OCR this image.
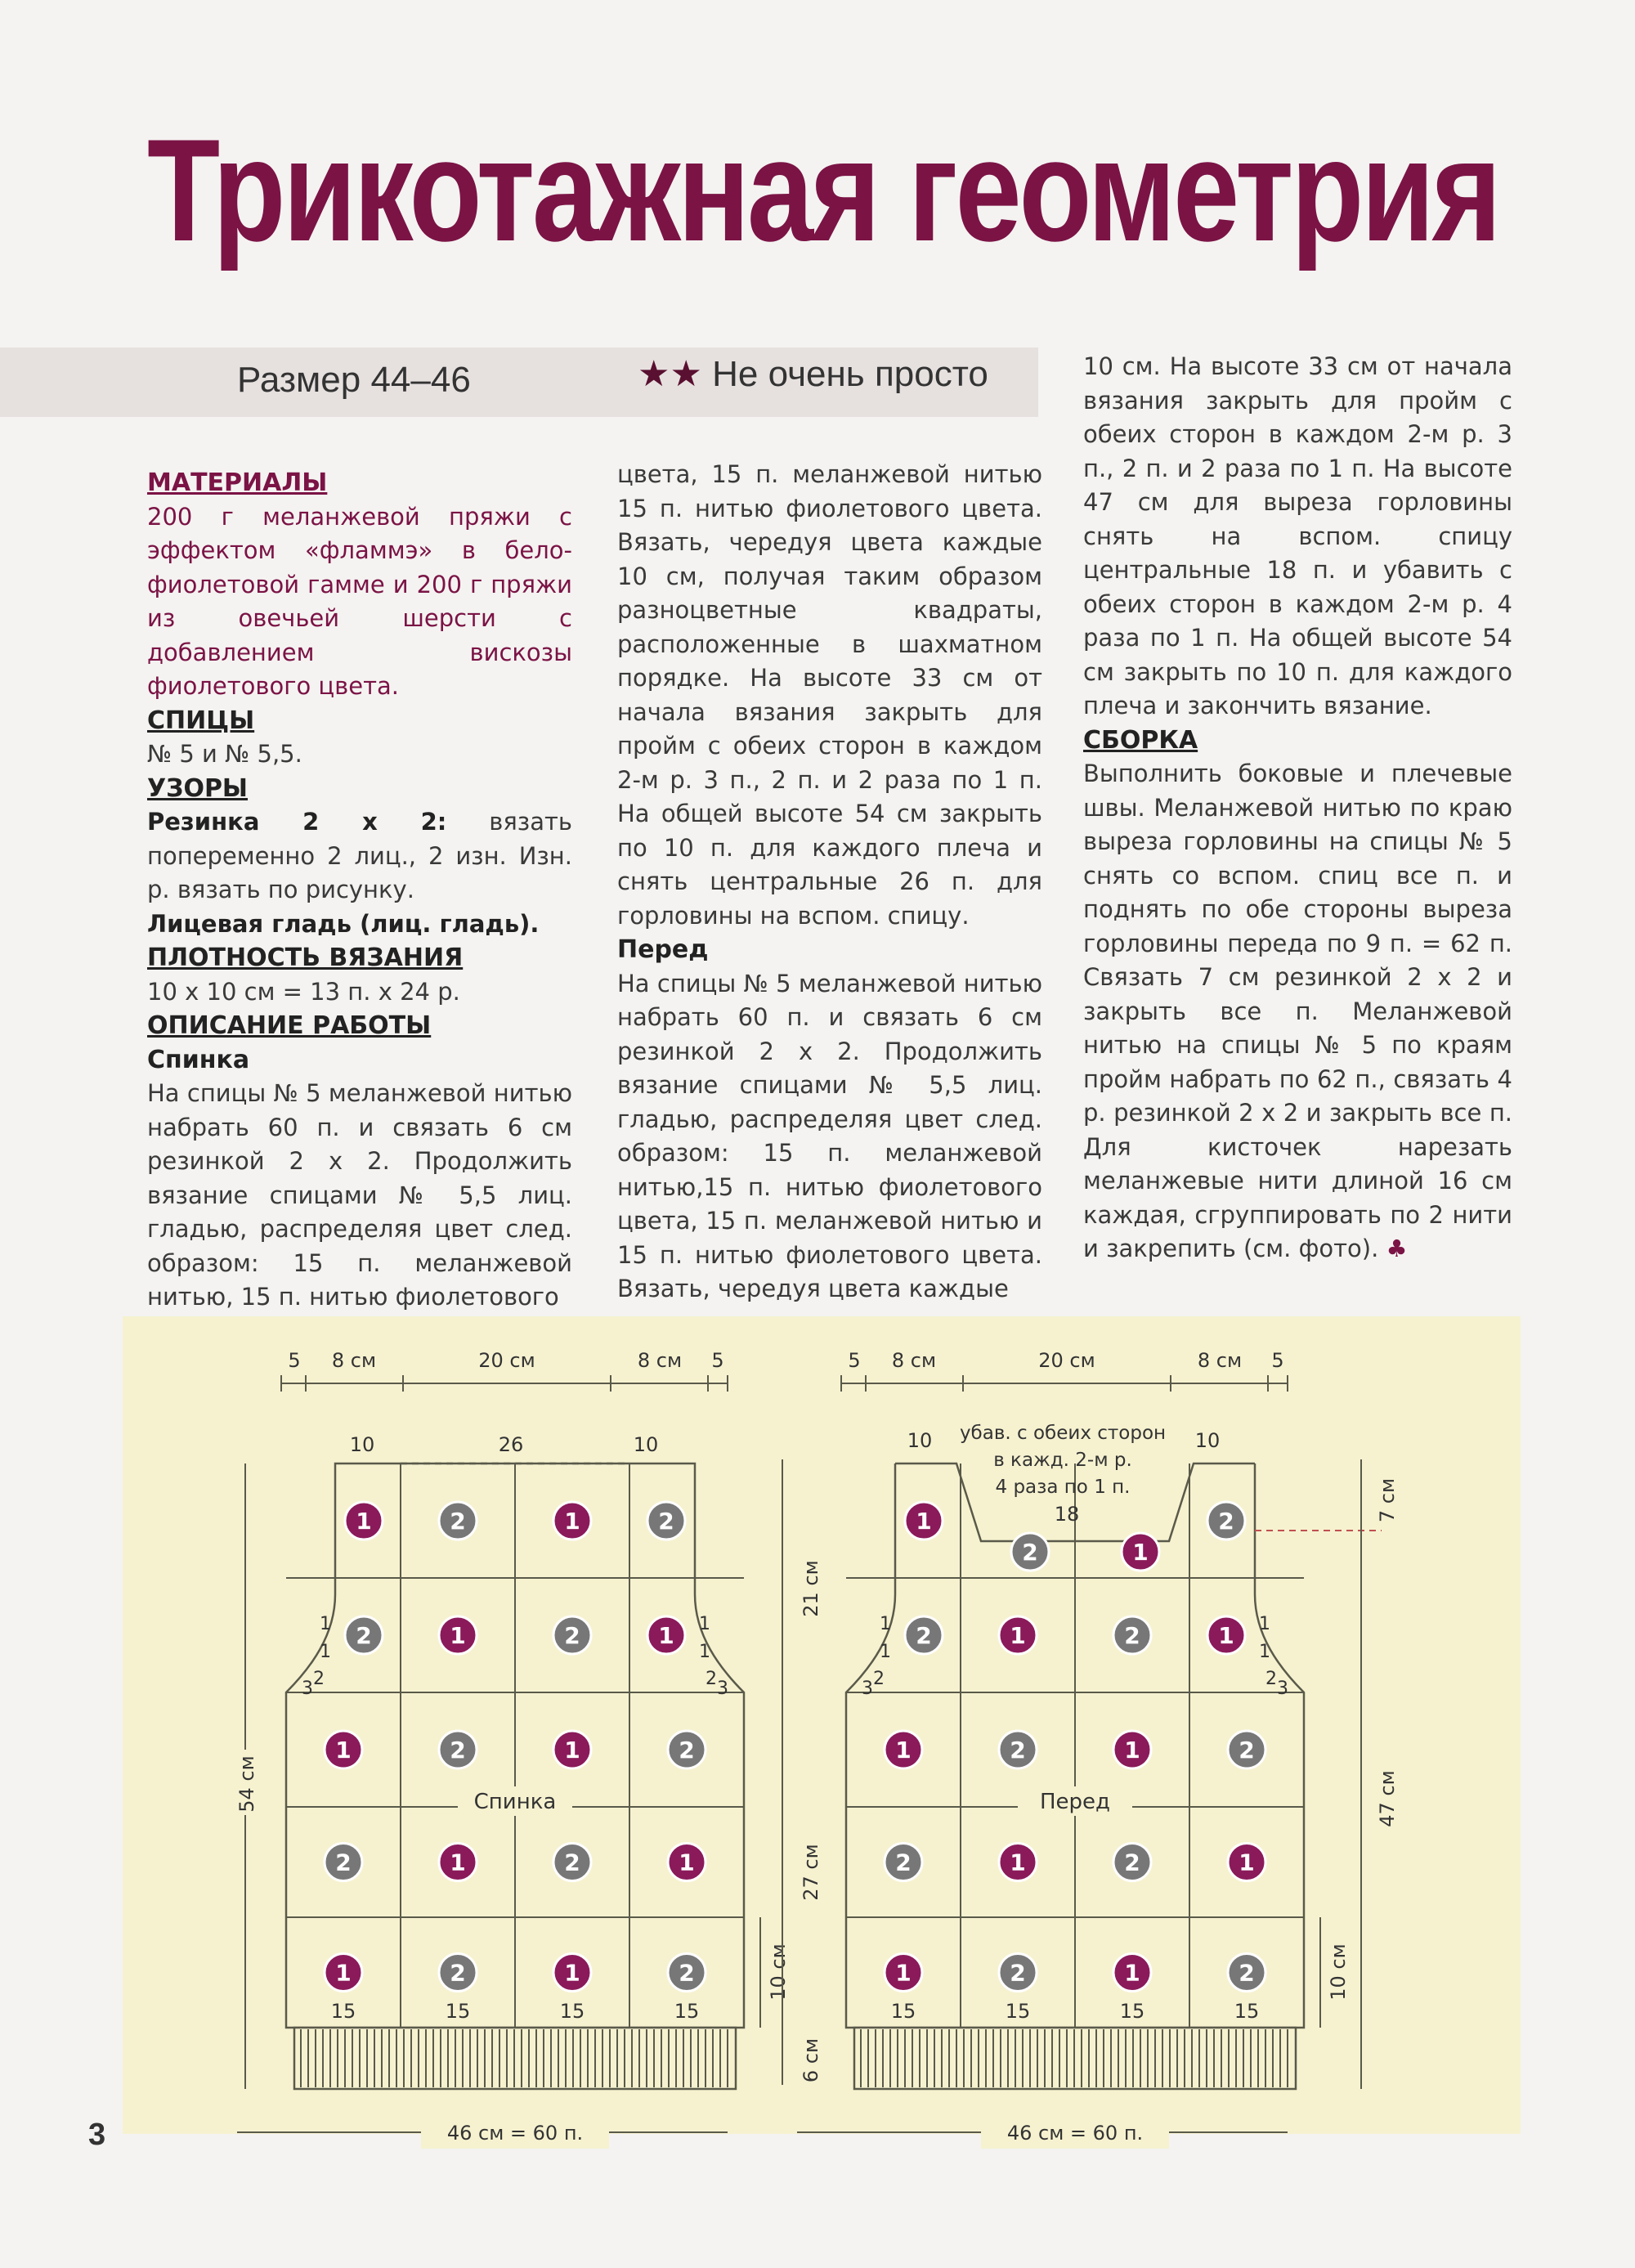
Трикотажная геометрия
Размер 44–46	★★ Не очень просто
МАТЕРИАЛЫ

200 г меланжевой пряжи с эффектом «фламмэ» в бело-фиолетовой гамме и 200 г пряжи из овечьей шерсти с добавлением вискозы фиолетового цвета.

СПИЦЫ

№ 5 и № 5,5.

УЗОРЫ

Резинка 2 х 2: вязать попеременно 2 лиц., 2 изн. Изн. р. вязать по рисунку.

Лицевая гладь (лиц. гладь).

ПЛОТНОСТЬ ВЯЗАНИЯ

10 х 10 см = 13 п. х 24 р.

ОПИСАНИЕ РАБОТЫ
Спинка

На спицы № 5 меланжевой нитью набрать 60 п. и связать 6 см резинкой 2 х 2. Продолжить вязание спицами № 5,5 лиц. гладью, распределяя цвет след. образом: 15 п. меланжевой нитью, 15 п. нитью фиолетового

цвета, 15 п. меланжевой нитью 15 п. нитью фиолетового цвета. Вязать, чередуя цвета каждые 10 см, получая таким образом разноцветные квадраты, расположенные в шахматном порядке. На высоте 33 см от начала вязания закрыть для пройм с обеих сторон в каждом 2-м р. 3 п., 2 п. и 2 раза по 1 п. На общей высоте 54 см закрыть по 10 п. для каждого плеча и снять центральные 26 п. для горловины на вспом. спицу.

Перед

На спицы № 5 меланжевой нитью набрать 60 п. и связать 6 см резинкой 2 х 2. Продолжить вязание спицами № 5,5 лиц. гладью, распределяя цвет след. образом: 15 п. меланжевой нитью,15 п. нитью фиолетового цвета, 15 п. меланжевой нитью и 15 п. нитью фиолетового цвета. Вязать, чередуя цвета каждые

10 см. На высоте 33 см от начала вязания закрыть для пройм с обеих сторон в каждом 2-м р. 3 п., 2 п. и 2 раза по 1 п. На высоте 47 см для выреза горловины снять на вспом. спицу центральные 18 п. и убавить с обеих сторон в каждом 2-м р. 4 раза по 1 п. На общей высоте 54 см закрыть по 10 п. для каждого плеча и закончить вязание.

СБОРКА

Выполнить боковые и плечевые швы. Меланжевой нитью по краю выреза горловины на спицы № 5 снять со вспом. спиц все п. и поднять по обе стороны выреза горловины переда по 9 п. = 62 п. Связать 7 см резинкой 2 х 2 и закрыть все п. Меланжевой нитью на спицы № 5 по краям пройм набрать по 62 п., связать 4 р. резинкой 2 х 2 и закрыть все п. Для кисточек нарезать меланжевые нити длиной 16 см каждая, сгруппировать по 2 нити и закрепить (см. фото). ♣

5 8 см	20 см	8 см 5
1	2	1	2
2	1	2	1
1	2	1	2
2	1	2	1
1	2	1	2
15	15	15	15
10 см
46 см = 60 п.
1
1
2
3
1
1
2 3
Спинка
10	26	10
54 см
21 см
27 см
6 см
5 8 см	20 см	8 см 5
1	2
2	1	2	1
1	2	1	2
2	1	2	1
1	2	1	2
2	1
15	15	15	15
10 см
46 см = 60 п.
1
1
2
3
1
1
2 3
Перед
10	10
убав. с обеих сторон
в кажд. 2-м р.
4 раза по 1 п.
18	7 см
47 см
3
